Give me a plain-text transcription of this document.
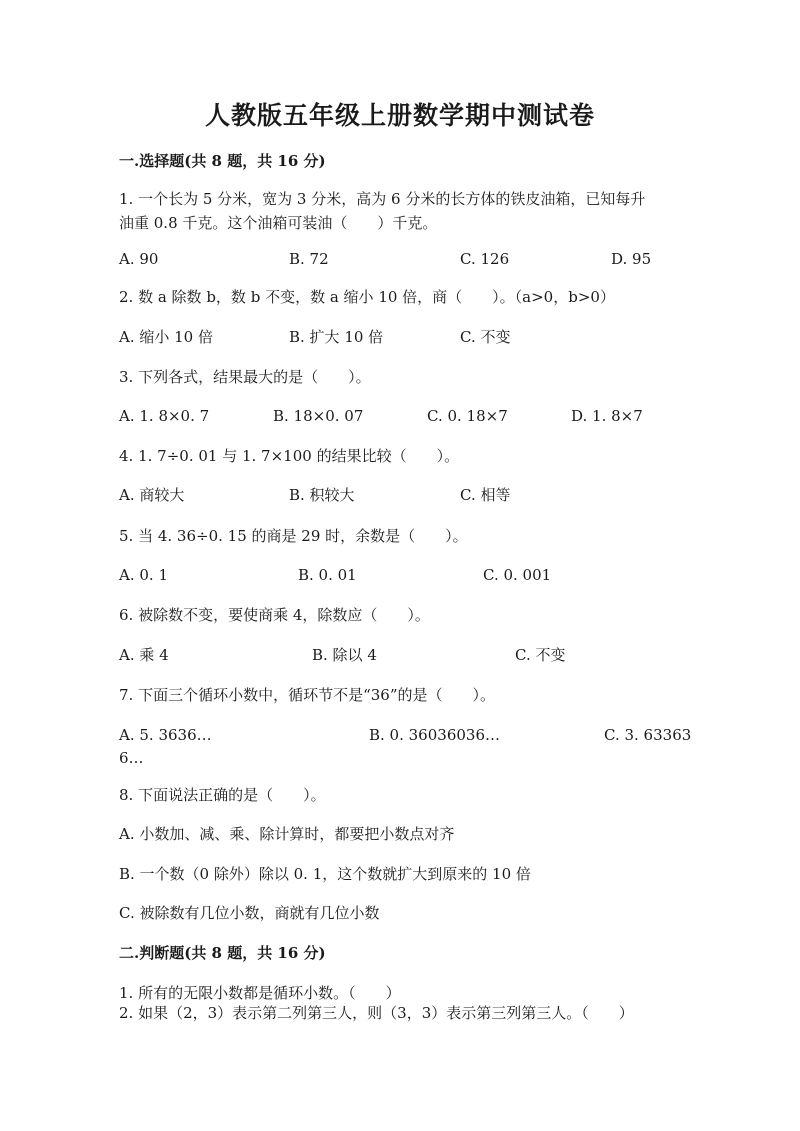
人教版五年级上册数学期中测试卷
一.选择题(共 8 题，共 16 分)
1. 一个长为 5 分米，宽为 3 分米，高为 6 分米的长方体的铁皮油箱，已知每升
油重 0.8 千克。这个油箱可装油（　　）千克。
A. 90	B. 72	C. 126	D. 95
2. 数 a 除数 b，数 b 不变，数 a 缩小 10 倍，商（　　）。（a>0，b>0）
A. 缩小 10 倍	B. 扩大 10 倍	C. 不变
3. 下列各式，结果最大的是（　　）。
A. 1. 8×0. 7	B. 18×0. 07	C. 0. 18×7	D. 1. 8×7
4. 1. 7÷0. 01 与 1. 7×100 的结果比较（　　）。
A. 商较大	B. 积较大	C. 相等
5. 当 4. 36÷0. 15 的商是 29 时，余数是（　　）。
A. 0. 1	B. 0. 01	C. 0. 001
6. 被除数不变，要使商乘 4，除数应（　　）。
A. 乘 4	B. 除以 4	C. 不变
7. 下面三个循环小数中，循环节不是“36”的是（　　）。
A. 5. 3636…	B. 0. 36036036…	C. 3. 63363
6…
8. 下面说法正确的是（　　）。
A. 小数加、减、乘、除计算时，都要把小数点对齐
B. 一个数（0 除外）除以 0. 1，这个数就扩大到原来的 10 倍
C. 被除数有几位小数，商就有几位小数
二.判断题(共 8 题，共 16 分)
1. 所有的无限小数都是循环小数。（　　）
2. 如果（2，3）表示第二列第三人，则（3，3）表示第三列第三人。（　　）
